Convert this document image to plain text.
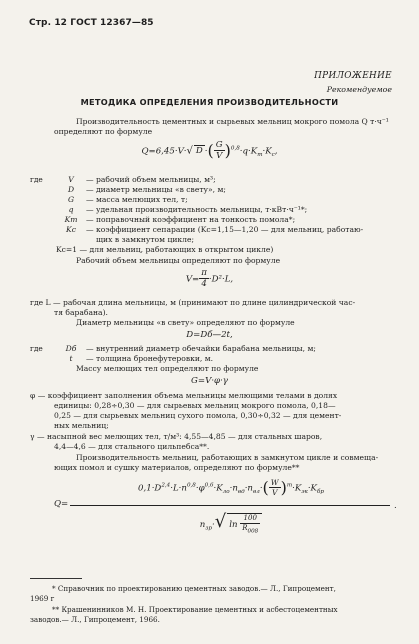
Стр. 12 ГОСТ 12367—85
ПРИЛОЖЕНИЕ
Рекомендуемое
МЕТОДИКА ОПРЕДЕЛЕНИЯ ПРОИЗВОДИТЕЛЬНОСТИ
Производительность цементных и сырьевых мельниц мокрого помола Q т·ч⁻¹
определяют по формуле
Q=6,45·V·√ D ·( $\frac{G}{V} )^{0,8}\cdot q\cdot K_т\cdot K_c$,
где	V	— рабочий объем мельницы, м³;
D	— диаметр мельницы «в свету», м;
G	— масса мелющих тел, т;
q	— удельная производительность мельницы, т·кВт·ч⁻¹*;
Kт	— поправочный коэффициент на тонкость помола*;
Kс	— коэффициент сепарации (Kс=1,15—1,20 — для мельниц, работаю-
щих в замкнутом цикле;
Kс=1 — для мельниц, работающих в открытом цикле)
Рабочий объем мельницы определяют по формуле
$V= \frac{\pi}{4} \cdot D^2\cdot L$,
где L — рабочая длина мельницы, м (принимают по длине цилиндрической час-
тя барабана).
Диаметр мельницы «в свету» определяют по формуле
D=Dб—2t,
где	Dб	— внутренний диаметр обечайки барабана мельницы, м;
t	— толщина бронефутеровки, м.
Массу мелющих тел определяют по формуле
G=V·φ·γ
φ — коэффициент заполнения объема мельницы мелющими телами в долях
единицы: 0,28÷0,30 — для сырьевых мельниц мокрого помола, 0,18—
0,25 — для сырьевых мельниц сухого помола, 0,30÷0,32 — для цемент-
ных мельниц;
γ — насыпной вес мелющих тел, т/м³: 4,55—4,85 — для стальных шаров,
4,4—4,6 — для стального цильпебса**.
Производительность мельниц, работающих в замкнутом цикле и совмеща-
ющих помол и сушку материалов, определяют по формуле**
Q=
$0,1\cdot D^{2,4}\cdot L\cdot n^{0,8}\cdot\varphi^{0,6}\cdot K_{лo}\cdot n_{вд}\cdot n_{вл}\cdot( \frac{W}{V} )^m\cdot K_{эк}\cdot K_{бр}$
$n_{зр}\cdot√$ $\ln \frac{100}{R_{008}}$
.
* Справочник по проектированию цементных заводов.— Л., Гипроцемент,
1969 г
** Крашенинников М. Н. Проектирование цементных и асбестоцементных
заводов.— Л., Гипроцемент, 1966.
